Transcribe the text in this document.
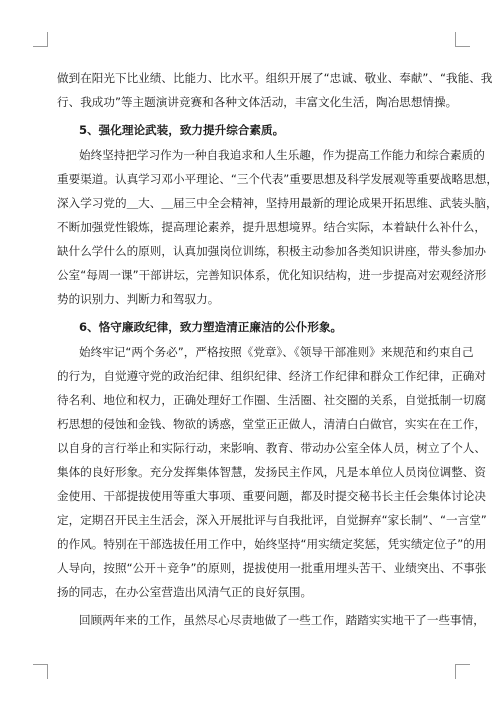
做到在阳光下比业绩、比能力、比水平。组织开展了“忠诚、敬业、奉献”、“我能、我
行、我成功”等主题演讲竞赛和各种文体活动，丰富文化生活，陶冶思想情操。
5、强化理论武装，致力提升综合素质。
始终坚持把学习作为一种自我追求和人生乐趣，作为提高工作能力和综合素质的
重要渠道。认真学习邓小平理论、“三个代表”重要思想及科学发展观等重要战略思想，
深入学习党的＿大、＿届三中全会精神，坚持用最新的理论成果开拓思维、武装头脑，
不断加强党性锻炼，提高理论素养，提升思想境界。结合实际，本着缺什么补什么，
缺什么学什么的原则，认真加强岗位训练，积极主动参加各类知识讲座，带头参加办
公室“每周一课”干部讲坛，完善知识体系，优化知识结构，进一步提高对宏观经济形
势的识别力、判断力和驾驭力。
6、恪守廉政纪律，致力塑造清正廉洁的公仆形象。
始终牢记“两个务必”，严格按照《党章》、《领导干部准则》来规范和约束自己
的行为，自觉遵守党的政治纪律、组织纪律、经济工作纪律和群众工作纪律，正确对
待名利、地位和权力，正确处理好工作圈、生活圈、社交圈的关系，自觉抵制一切腐
朽思想的侵蚀和金钱、物欲的诱惑，堂堂正正做人，清清白白做官，实实在在工作，
以自身的言行举止和实际行动，来影响、教育、带动办公室全体人员，树立了个人、
集体的良好形象。充分发挥集体智慧，发扬民主作风，凡是本单位人员岗位调整、资
金使用、干部提拔使用等重大事项、重要问题，都及时提交秘书长主任会集体讨论决
定，定期召开民主生活会，深入开展批评与自我批评，自觉摒弃“家长制”、“一言堂”
的作风。特别在干部选拔任用工作中，始终坚持“用实绩定奖惩，凭实绩定位子”的用
人导向，按照“公开＋竞争”的原则，提拔使用一批重用埋头苦干、业绩突出、不事张
扬的同志，在办公室营造出风清气正的良好氛围。
回顾两年来的工作，虽然尽心尽责地做了一些工作，踏踏实实地干了一些事情，
